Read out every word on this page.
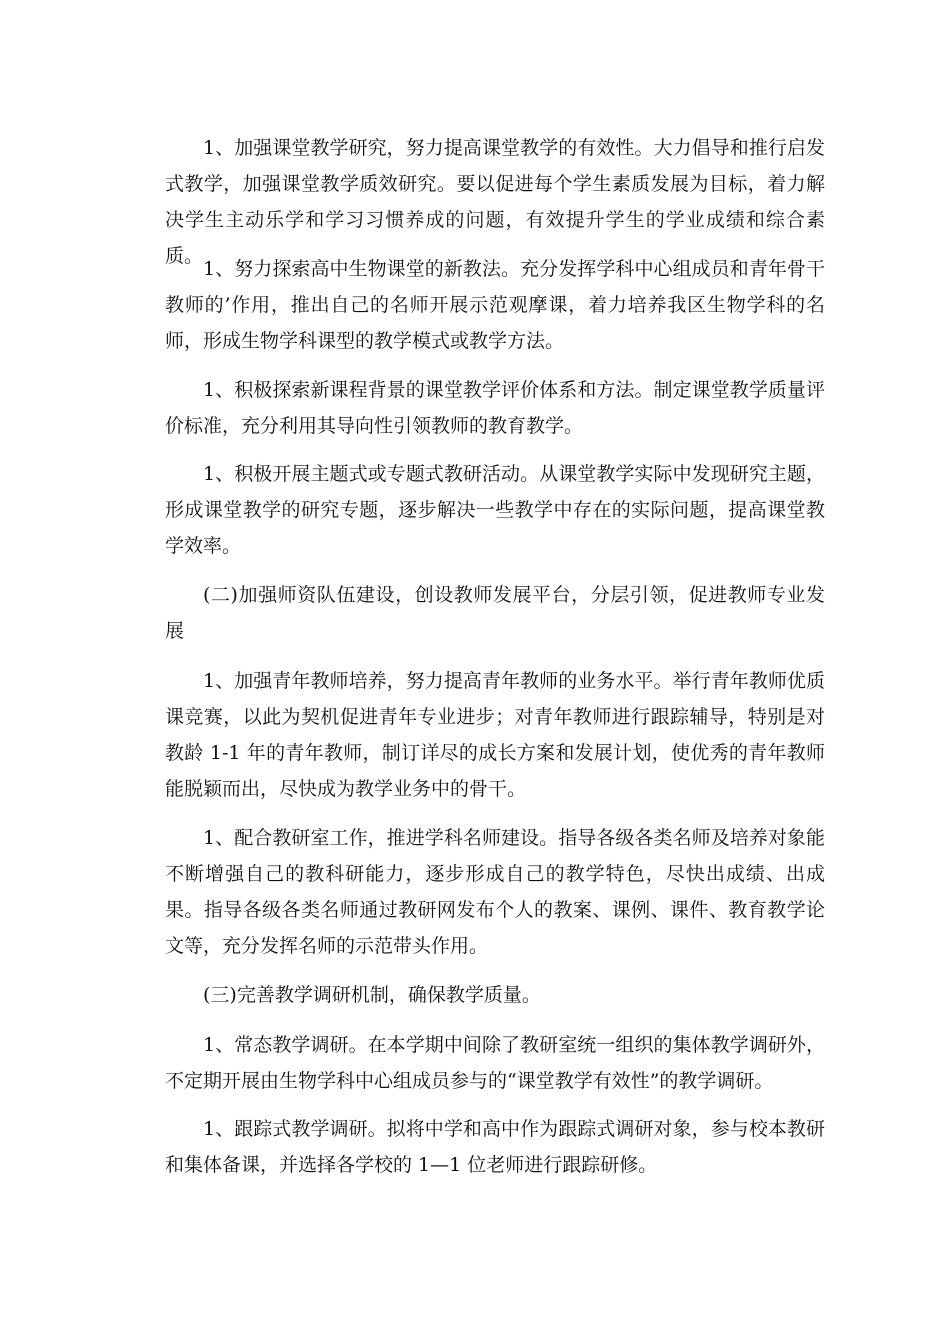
1、加强课堂教学研究，努力提高课堂教学的有效性。大力倡导和推行启发式教学，加强课堂教学质效研究。要以促进每个学生素质发展为目标，着力解决学生主动乐学和学习习惯养成的问题，有效提升学生的学业成绩和综合素质。

1、努力探索高中生物课堂的新教法。充分发挥学科中心组成员和青年骨干教师的’作用，推出自己的名师开展示范观摩课，着力培养我区生物学科的名师，形成生物学科课型的教学模式或教学方法。

1、积极探索新课程背景的课堂教学评价体系和方法。制定课堂教学质量评价标准，充分利用其导向性引领教师的教育教学。

1、积极开展主题式或专题式教研活动。从课堂教学实际中发现研究主题，形成课堂教学的研究专题，逐步解决一些教学中存在的实际问题，提高课堂教学效率。

(二)加强师资队伍建设，创设教师发展平台，分层引领，促进教师专业发展

1、加强青年教师培养，努力提高青年教师的业务水平。举行青年教师优质课竞赛，以此为契机促进青年专业进步；对青年教师进行跟踪辅导，特别是对教龄 1-1 年的青年教师，制订详尽的成长方案和发展计划，使优秀的青年教师能脱颖而出，尽快成为教学业务中的骨干。

1、配合教研室工作，推进学科名师建设。指导各级各类名师及培养对象能不断增强自己的教科研能力，逐步形成自己的教学特色，尽快出成绩、出成果。指导各级各类名师通过教研网发布个人的教案、课例、课件、教育教学论文等，充分发挥名师的示范带头作用。

(三)完善教学调研机制，确保教学质量。

1、常态教学调研。在本学期中间除了教研室统一组织的集体教学调研外，不定期开展由生物学科中心组成员参与的“课堂教学有效性”的教学调研。

1、跟踪式教学调研。拟将中学和高中作为跟踪式调研对象，参与校本教研和集体备课，并选择各学校的 1—1 位老师进行跟踪研修。
